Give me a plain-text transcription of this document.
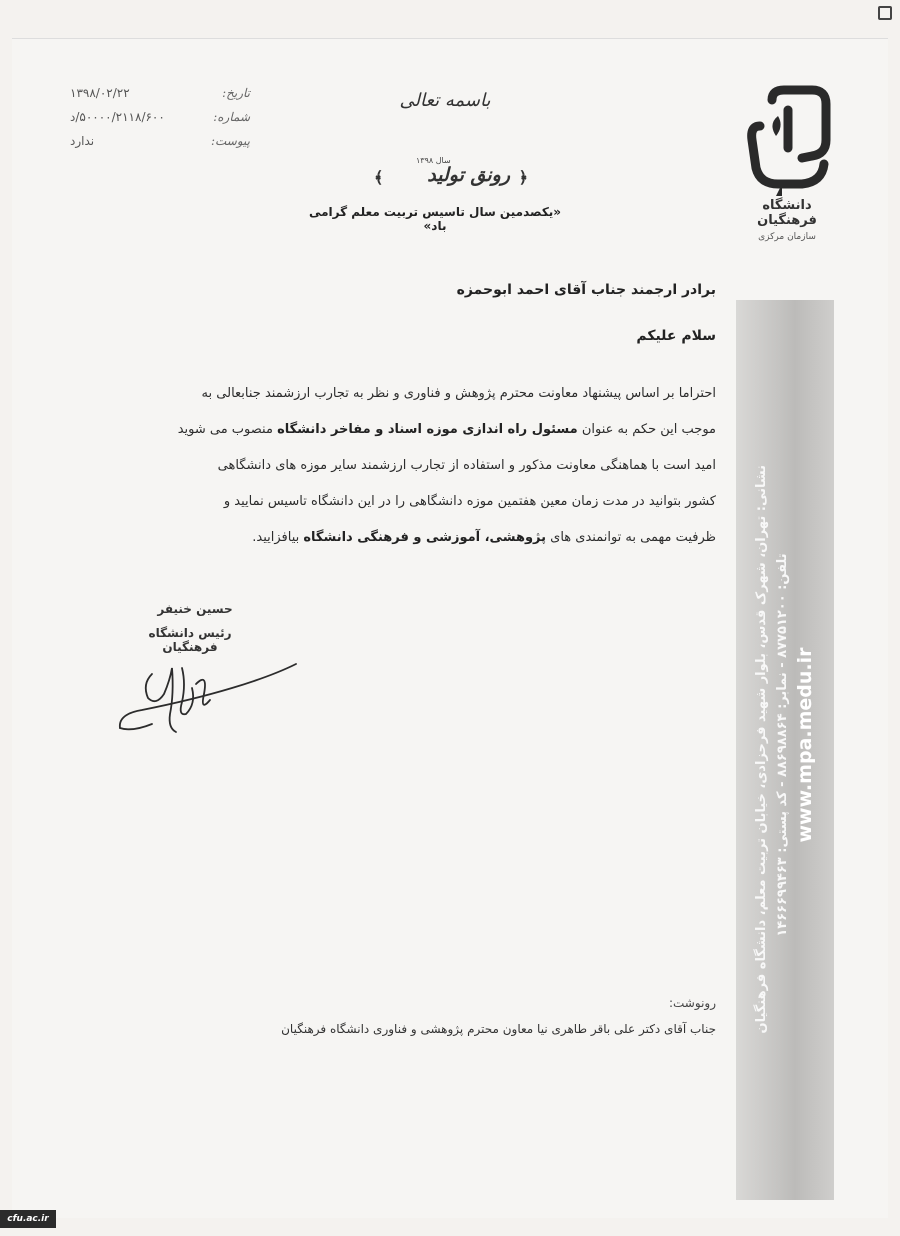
نشانی: تهران، شهرک قدس، بلوار شهید فرحزادی، خیابان تربیت معلم، دانشگاه فرهنگیان تلفن: ۸۷۷۵۱۲۰۰ - نمابر: ۸۸۶۹۸۸۶۴ - کد پستی: ۱۴۶۶۶۹۹۴۶۳
www.mpa.medu.ir
دانشگاه فرهنگیان
سازمان مرکزی
تاریخ:
۱۳۹۸/۰۲/۲۲
شماره:
۵۰۰۰۰/۲۱۱۸/۶۰۰/د
پیوست:
ندارد
باسمه تعالی
﴿
رونق تولید
سال ۱۳۹۸
﴾
«یکصدمین سال تاسیس تربیت معلم گرامی باد»
برادر ارجمند جناب آقای احمد ابوحمزه
سلام علیکم
احتراما بر اساس پیشنهاد معاونت محترم پژوهش و فناوری و نظر به تجارب ارزشمند جنابعالی به
موجب این حکم به عنوان مسئول راه اندازی موزه اسناد و مفاخر دانشگاه منصوب می شوید
امید است با هماهنگی معاونت مذکور و استفاده از تجارب ارزشمند سایر موزه های دانشگاهی
کشور بتوانید در مدت زمان معین هفتمین موزه دانشگاهی را در این دانشگاه تاسیس نمایید و
ظرفیت مهمی به توانمندی های پژوهشی، آموزشی و فرهنگی دانشگاه بیافزایید.
حسین خنیفر
رئیس دانشگاه فرهنگیان
رونوشت:
جناب آقای دکتر علی باقر طاهری نیا معاون محترم پژوهشی و فناوری دانشگاه فرهنگیان
cfu.ac.ir
